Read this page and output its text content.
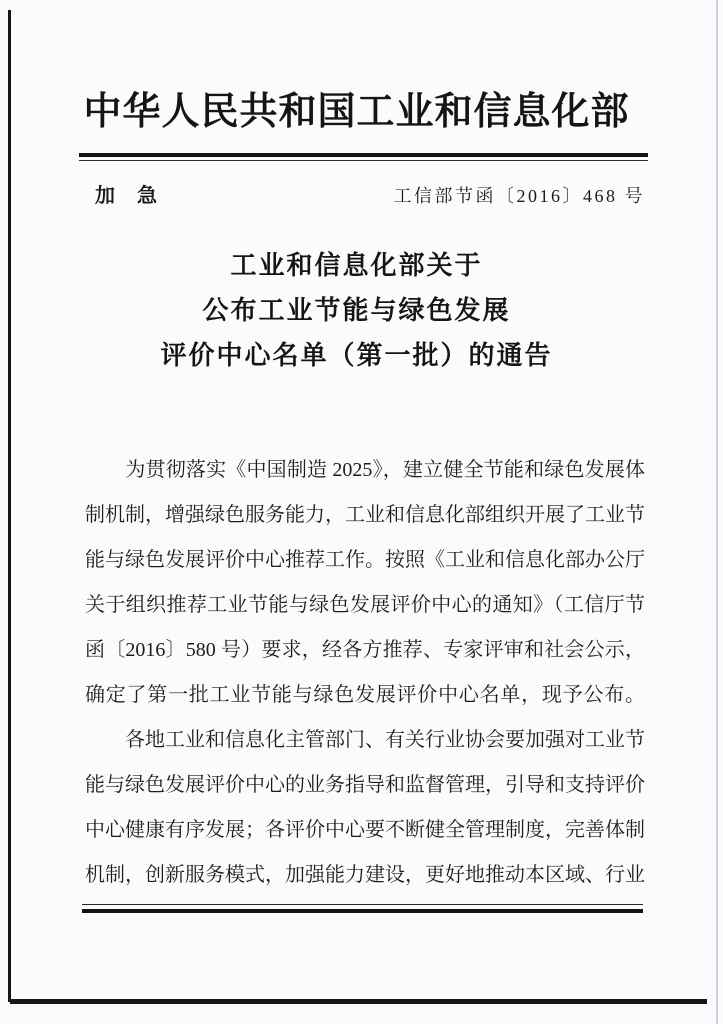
中华人民共和国工业和信息化部
加　急	工信部节函〔2016〕468 号
工业和信息化部关于
公布工业节能与绿色发展
评价中心名单（第一批）的通告
　　为贯彻落实《中国制造 2025》，建立健全节能和绿色发展体
制机制，增强绿色服务能力，工业和信息化部组织开展了工业节
能与绿色发展评价中心推荐工作。按照《工业和信息化部办公厅
关于组织推荐工业节能与绿色发展评价中心的通知》（工信厅节
函〔2016〕580 号）要求，经各方推荐、专家评审和社会公示，
确定了第一批工业节能与绿色发展评价中心名单，现予公布。
　　各地工业和信息化主管部门、有关行业协会要加强对工业节
能与绿色发展评价中心的业务指导和监督管理，引导和支持评价
中心健康有序发展；各评价中心要不断健全管理制度，完善体制
机制，创新服务模式，加强能力建设，更好地推动本区域、行业
